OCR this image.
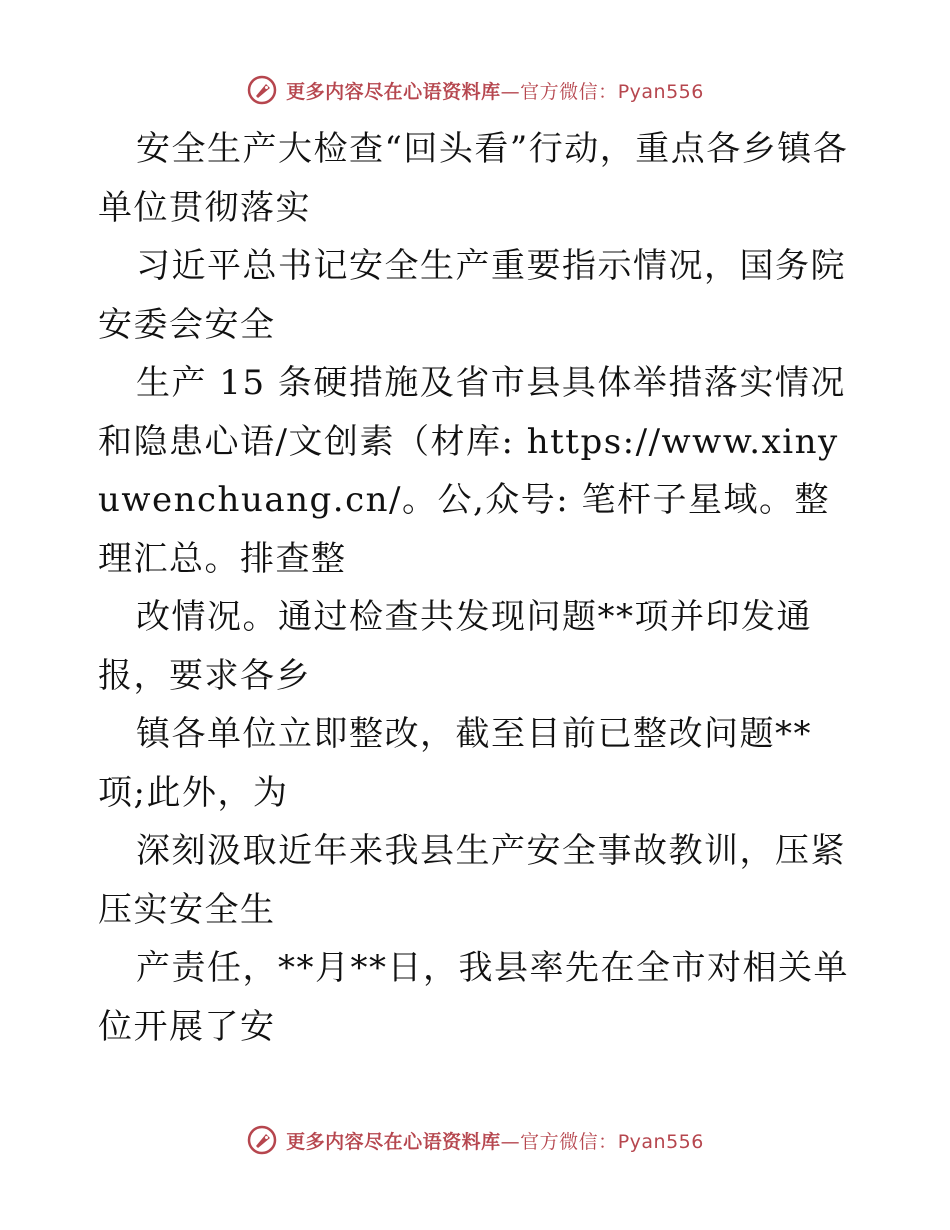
更多内容尽在心语资料库—官方微信：Pyan556

安全生产大检查“回头看”行动，重点各乡镇各单位贯彻落实

习近平总书记安全生产重要指示情况，国务院安委会安全

生产 15 条硬措施及省市县具体举措落实情况和隐患心语/文创素（材库: https://www.xinyuwenchuang.cn/。公,众号: 笔杆子星域。整理汇总。排查整

改情况。通过检查共发现问题**项并印发通报，要求各乡

镇各单位立即整改，截至目前已整改问题**项;此外，为

深刻汲取近年来我县生产安全事故教训，压紧压实安全生

产责任，**月**日，我县率先在全市对相关单位开展了安

更多内容尽在心语资料库—官方微信：Pyan556
